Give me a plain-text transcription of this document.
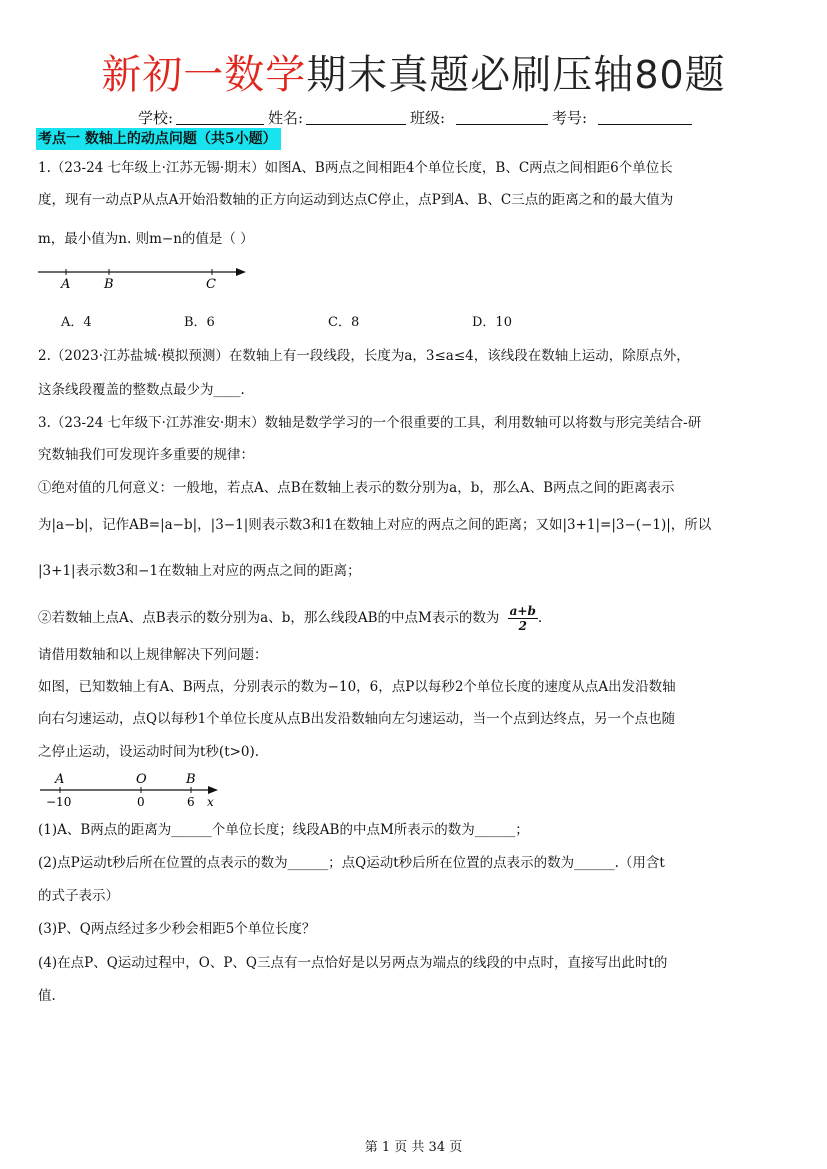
新初一数学期末真题必刷压轴80题
学校:	姓名:	班级:	考号:
考点一 数轴上的动点问题（共5小题）
1.（23-24 七年级上·江苏无锡·期末）如图A、B两点之间相距4个单位长度，B、C两点之间相距6个单位长
度，现有一动点P从点A开始沿数轴的正方向运动到达点C停止，点P到A、B、C三点的距离之和的最大值为
m，最小值为n. 则m−n的值是（ ）
A	B	C
A．4	B．6	C．8	D．10
2.（2023·江苏盐城·模拟预测）在数轴上有一段线段，长度为a，3≤a≤4，该线段在数轴上运动，除原点外，
这条线段覆盖的整数点最少为____.
3.（23-24 七年级下·江苏淮安·期末）数轴是数学学习的一个很重要的工具，利用数轴可以将数与形完美结合-研
究数轴我们可发现许多重要的规律：
①绝对值的几何意义：一般地，若点A、点B在数轴上表示的数分别为a，b，那么A、B两点之间的距离表示
为|a−b|，记作AB=|a−b|，|3−1|则表示数3和1在数轴上对应的两点之间的距离；又如|3+1|=|3−(−1)|，所以
|3+1|表示数3和−1在数轴上对应的两点之间的距离；
②若数轴上点A、点B表示的数分别为a、b，那么线段AB的中点M表示的数为 $\frac{a+b}{2}$ .
请借用数轴和以上规律解决下列问题：
如图，已知数轴上有A、B两点，分别表示的数为−10，6，点P以每秒2个单位长度的速度从点A出发沿数轴
向右匀速运动，点Q以每秒1个单位长度从点B出发沿数轴向左匀速运动，当一个点到达终点，另一个点也随
之停止运动，设运动时间为t秒(t>0).
A	O	B
−10	0	6 x
(1)A、B两点的距离为______个单位长度；线段AB的中点M所表示的数为______；
(2)点P运动t秒后所在位置的点表示的数为______；点Q运动t秒后所在位置的点表示的数为______.（用含t
的式子表示）
(3)P、Q两点经过多少秒会相距5个单位长度？
(4)在点P、Q运动过程中，O、P、Q三点有一点恰好是以另两点为端点的线段的中点时，直接写出此时t的
值.
第 1 页 共 34 页
